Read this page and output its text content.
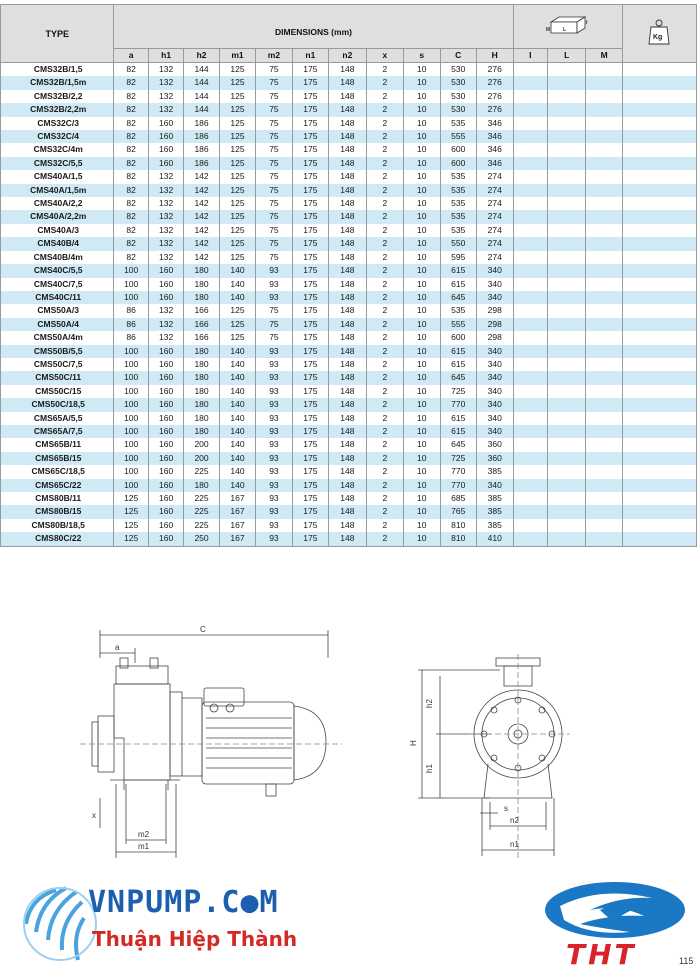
TYPE	DIMENSIONS (mm)											M L
I			Kg

	a	h1	h2	m1	m2	n1	n2	x	s	C	H	I	L	M	
CMS32B/1,5	82	132	144	125	75	175	148	2	10	530	276				
CMS32B/1,5m	82	132	144	125	75	175	148	2	10	530	276				
CMS32B/2,2	82	132	144	125	75	175	148	2	10	530	276				
CMS32B/2,2m	82	132	144	125	75	175	148	2	10	530	276				
CMS32C/3	82	160	186	125	75	175	148	2	10	535	346				
CMS32C/4	82	160	186	125	75	175	148	2	10	555	346				
CMS32C/4m	82	160	186	125	75	175	148	2	10	600	346				
CMS32C/5,5	82	160	186	125	75	175	148	2	10	600	346				
CMS40A/1,5	82	132	142	125	75	175	148	2	10	535	274				
CMS40A/1,5m	82	132	142	125	75	175	148	2	10	535	274				
CMS40A/2,2	82	132	142	125	75	175	148	2	10	535	274				
CMS40A/2,2m	82	132	142	125	75	175	148	2	10	535	274				
CMS40A/3	82	132	142	125	75	175	148	2	10	535	274				
CMS40B/4	82	132	142	125	75	175	148	2	10	550	274				
CMS40B/4m	82	132	142	125	75	175	148	2	10	595	274				
CMS40C/5,5	100	160	180	140	93	175	148	2	10	615	340				
CMS40C/7,5	100	160	180	140	93	175	148	2	10	615	340				
CMS40C/11	100	160	180	140	93	175	148	2	10	645	340				
CMS50A/3	86	132	166	125	75	175	148	2	10	535	298				
CMS50A/4	86	132	166	125	75	175	148	2	10	555	298				
CMS50A/4m	86	132	166	125	75	175	148	2	10	600	298				
CMS50B/5,5	100	160	180	140	93	175	148	2	10	615	340				
CMS50C/7,5	100	160	180	140	93	175	148	2	10	615	340				
CMS50C/11	100	160	180	140	93	175	148	2	10	645	340				
CMS50C/15	100	160	180	140	93	175	148	2	10	725	340				
CMS50C/18,5	100	160	180	140	93	175	148	2	10	770	340				
CMS65A/5,5	100	160	180	140	93	175	148	2	10	615	340				
CMS65A/7,5	100	160	180	140	93	175	148	2	10	615	340				
CMS65B/11	100	160	200	140	93	175	148	2	10	645	360				
CMS65B/15	100	160	200	140	93	175	148	2	10	725	360				
CMS65C/18,5	100	160	225	140	93	175	148	2	10	770	385				
CMS65C/22	100	160	180	140	93	175	148	2	10	770	340				
CMS80B/11	125	160	225	167	93	175	148	2	10	685	385				
CMS80B/15	125	160	225	167	93	175	148	2	10	765	385				
CMS80B/18,5	125	160	225	167	93	175	148	2	10	810	385				
CMS80C/22	125	160	250	167	93	175	148	2	10	810	410				
C
a
x
m2
m1
h2
h1
H
s
n2
n1
VNPUMP.C●M
Thuận Hiệp Thành	THT	115
